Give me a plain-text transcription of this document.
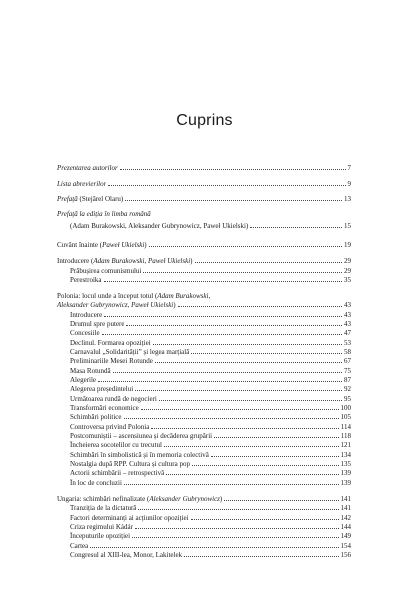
Cuprins
Prezentarea autorilor	7
Lista abrevierilor	9
Prefață (Stejărel Olaru)	13
Prefață la ediția în limba română
(Adam Burakowski, Aleksander Gubrynowicz, Paweł Ukielski)	15
Cuvânt înainte (Paweł Ukielski)	19
Introducere (Adam Burakowski, Paweł Ukielski)	29
Prăbușirea comunismului	29
Perestroika	35
Polonia: locul unde a început totul (Adam Burakowski,
Aleksander Gubrynowicz, Paweł Ukielski)	43
Introducere	43
Drumul spre putere	43
Concesiile	47
Declinul. Formarea opoziției	53
Carnavalul „Solidarității” și legea marțială	58
Preliminariile Mesei Rotunde	67
Masa Rotundă	75
Alegerile	87
Alegerea președintelui	92
Următoarea rundă de negocieri	95
Transformări economice	100
Schimbări politice	105
Controversa privind Polonia	114
Postcomuniștii – ascensiunea și decăderea grupării	118
Încheierea socotelilor cu trecutul	121
Schimbări în simbolistică și în memoria colectivă	134
Nostalgia după RPP. Cultura și cultura pop	135
Actorii schimbării – retrospectivă	139
În loc de concluzii	139
Ungaria: schimbări nefinalizate (Aleksander Gubrynowicz)	141
Tranziția de la dictatură	141
Factori determinanți ai acțiunilor opoziției	142
Criza regimului Kádár	144
Începuturile opoziției	149
Cartea	154
Congresul al XIII-lea, Monor, Lakitelek	156
